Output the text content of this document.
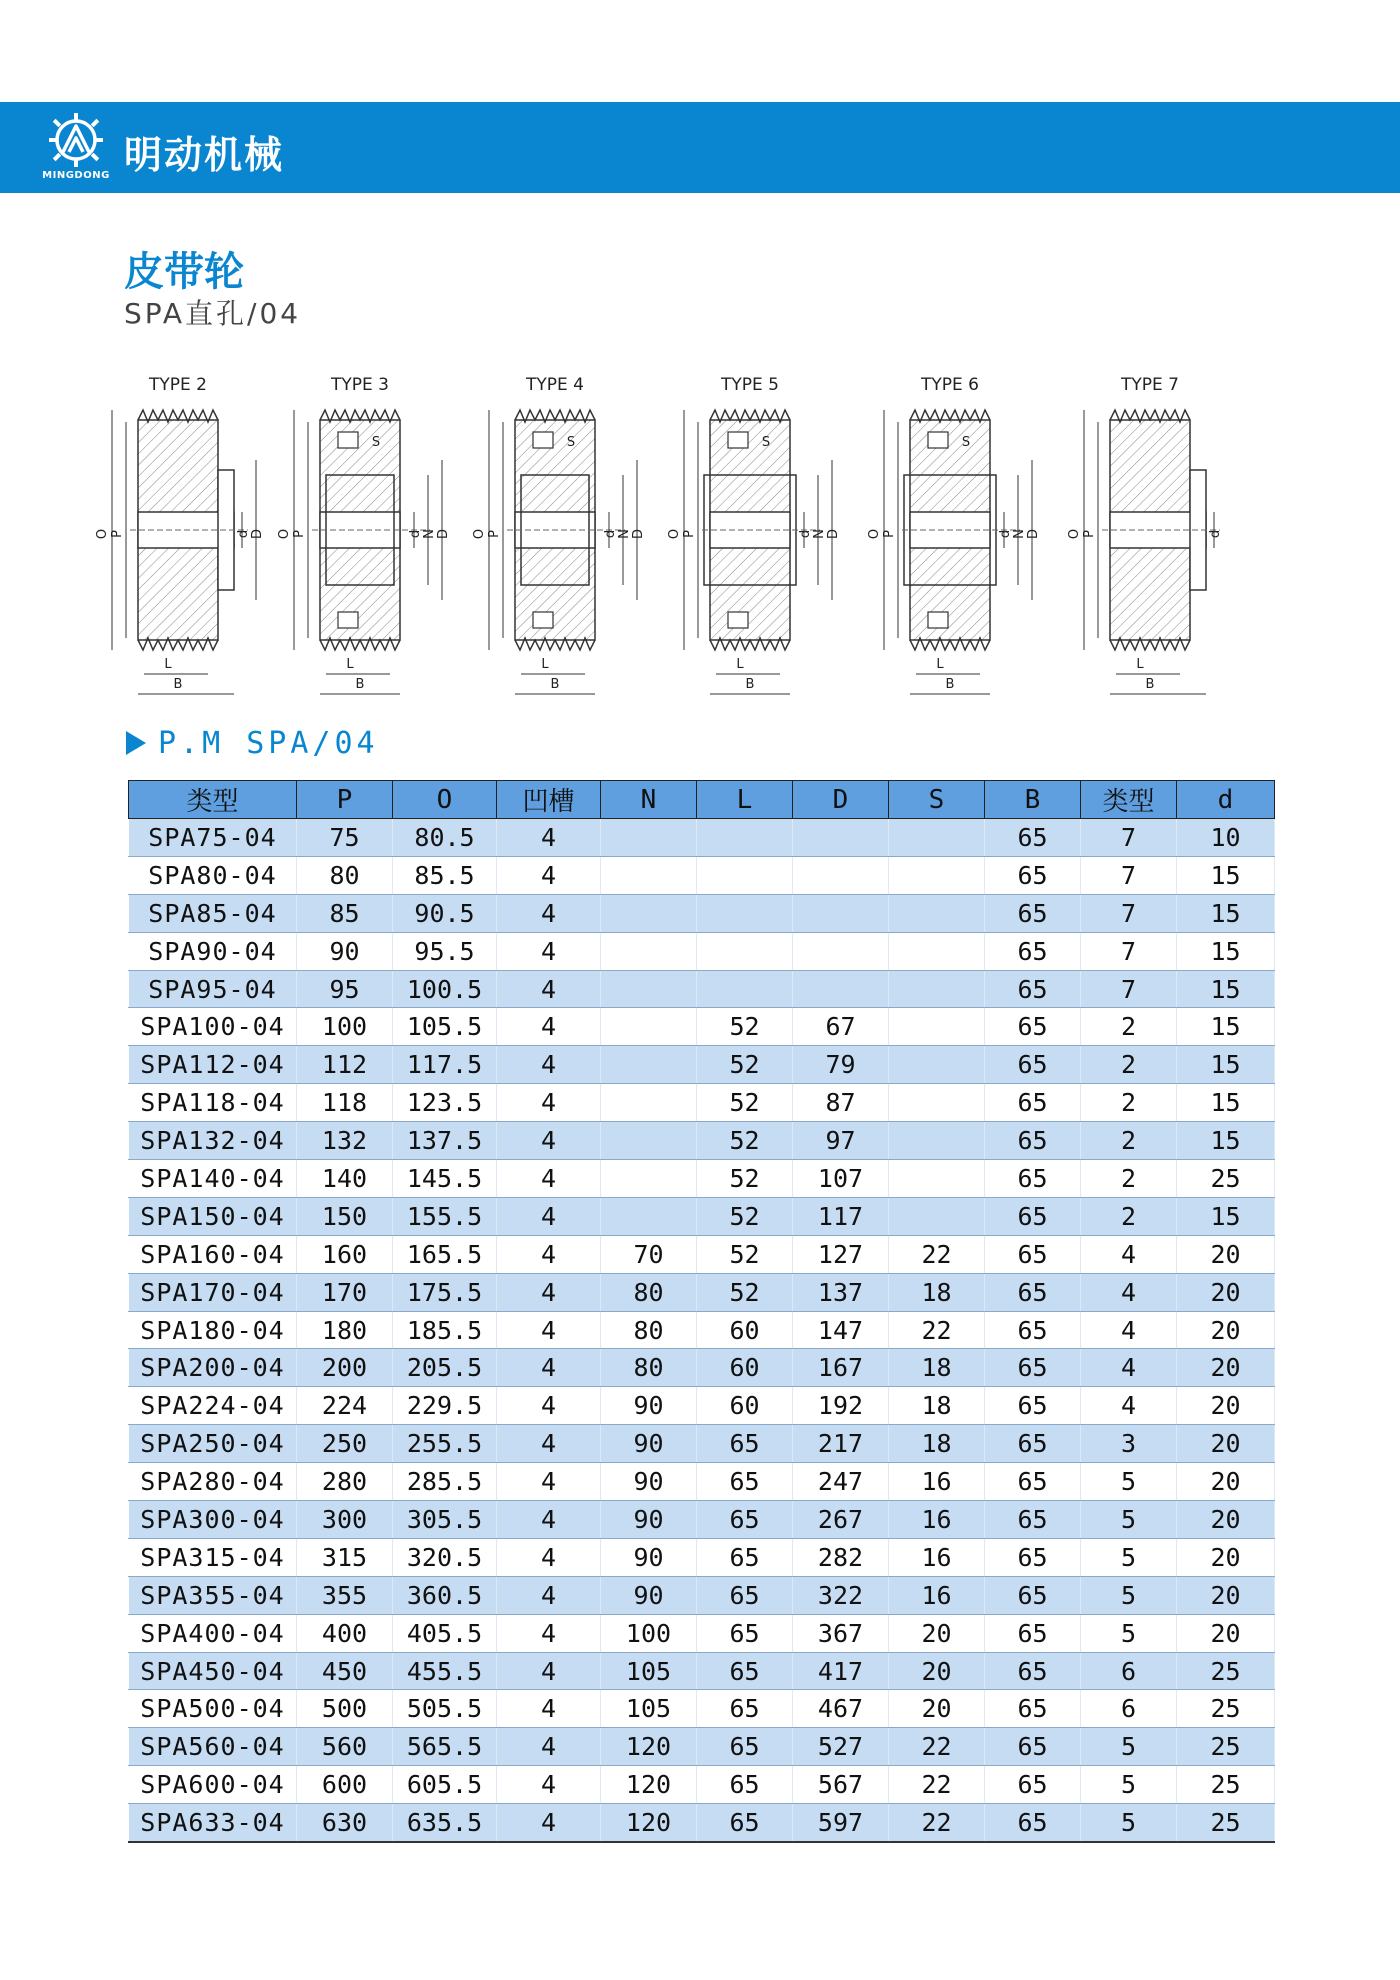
MINGDONG 明动机械
皮带轮
SPA直孔/04
TYPE 2
O P	d D
L
B
TYPE 3
S
O P	d N D
L
B
TYPE 4
S
O P	d N D
L
B
TYPE 5
S
O P	d N D
L
B
TYPE 6
S
O P	d N D
L
B
TYPE 7
O P	d
L
B
P.M SPA/04
类型	P	O	凹槽	N	L	D	S	B	类型	d
SPA75-04	75	80.5	4					65	7	10
SPA80-04	80	85.5	4					65	7	15
SPA85-04	85	90.5	4					65	7	15
SPA90-04	90	95.5	4					65	7	15
SPA95-04	95	100.5	4					65	7	15
SPA100-04	100	105.5	4		52	67		65	2	15
SPA112-04	112	117.5	4		52	79		65	2	15
SPA118-04	118	123.5	4		52	87		65	2	15
SPA132-04	132	137.5	4		52	97		65	2	15
SPA140-04	140	145.5	4		52	107		65	2	25
SPA150-04	150	155.5	4		52	117		65	2	15
SPA160-04	160	165.5	4	70	52	127	22	65	4	20
SPA170-04	170	175.5	4	80	52	137	18	65	4	20
SPA180-04	180	185.5	4	80	60	147	22	65	4	20
SPA200-04	200	205.5	4	80	60	167	18	65	4	20
SPA224-04	224	229.5	4	90	60	192	18	65	4	20
SPA250-04	250	255.5	4	90	65	217	18	65	3	20
SPA280-04	280	285.5	4	90	65	247	16	65	5	20
SPA300-04	300	305.5	4	90	65	267	16	65	5	20
SPA315-04	315	320.5	4	90	65	282	16	65	5	20
SPA355-04	355	360.5	4	90	65	322	16	65	5	20
SPA400-04	400	405.5	4	100	65	367	20	65	5	20
SPA450-04	450	455.5	4	105	65	417	20	65	6	25
SPA500-04	500	505.5	4	105	65	467	20	65	6	25
SPA560-04	560	565.5	4	120	65	527	22	65	5	25
SPA600-04	600	605.5	4	120	65	567	22	65	5	25
SPA633-04	630	635.5	4	120	65	597	22	65	5	25
